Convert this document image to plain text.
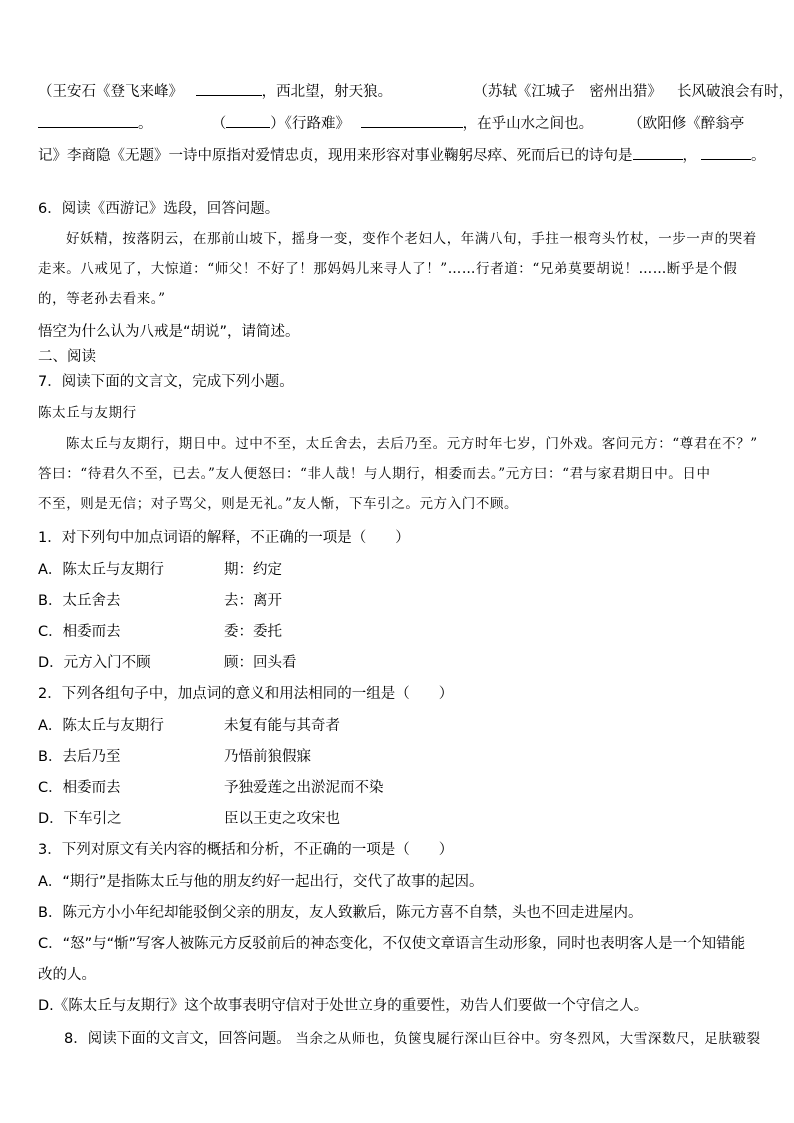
（王安石《登飞来峰》	，西北望，射天狼。	（苏轼《江城子　密州出猎》 长风破浪会有时，
。	（	）《行路难》	，在乎山水之间也。 （欧阳修《醉翁亭
记》李商隐《无题》一诗中原指对爱情忠贞，现用来形容对事业鞠躬尽瘁、死而后已的诗句是	，	。
6．阅读《西游记》选段，回答问题。
好妖精，按落阴云，在那前山坡下，摇身一变，变作个老妇人，年满八旬，手拄一根弯头竹杖，一步一声的哭着
走来。八戒见了，大惊道：“师父！不好了！那妈妈儿来寻人了！”……行者道：“兄弟莫要胡说！……断乎是个假
的，等老孙去看来。”
悟空为什么认为八戒是“胡说”，请简述。
二、阅读
7．阅读下面的文言文，完成下列小题。
陈太丘与友期行
陈太丘与友期行，期日中。过中不至，太丘舍去，去后乃至。元方时年七岁，门外戏。客问元方：“尊君在不？”
答曰：“待君久不至，已去。”友人便怒曰：“非人哉！与人期行，相委而去。”元方曰：“君与家君期日中。日中
不至，则是无信；对子骂父，则是无礼。”友人惭，下车引之。元方入门不顾。
1．对下列句中加点词语的解释，不正确的一项是（　　）
A．陈太丘与友期行	期：约定
B．太丘舍去	去：离开
C．相委而去	委：委托
D．元方入门不顾	顾：回头看
2．下列各组句子中，加点词的意义和用法相同的一组是（　　）
A．陈太丘与友期行	未复有能与其奇者
B．去后乃至	乃悟前狼假寐
C．相委而去	予独爱莲之出淤泥而不染
D．下车引之	臣以王吏之攻宋也
3．下列对原文有关内容的概括和分析，不正确的一项是（　　）
A．“期行”是指陈太丘与他的朋友约好一起出行，交代了故事的起因。
B．陈元方小小年纪却能驳倒父亲的朋友，友人致歉后，陈元方喜不自禁，头也不回走进屋内。
C．“怒”与“惭”写客人被陈元方反驳前后的神态变化，不仅使文章语言生动形象，同时也表明客人是一个知错能
改的人。
D.《陈太丘与友期行》这个故事表明守信对于处世立身的重要性，劝告人们要做一个守信之人。
8．阅读下面的文言文，回答问题。 当余之从师也，负箧曳屣行深山巨谷中。穷冬烈风，大雪深数尺，足肤皲裂
